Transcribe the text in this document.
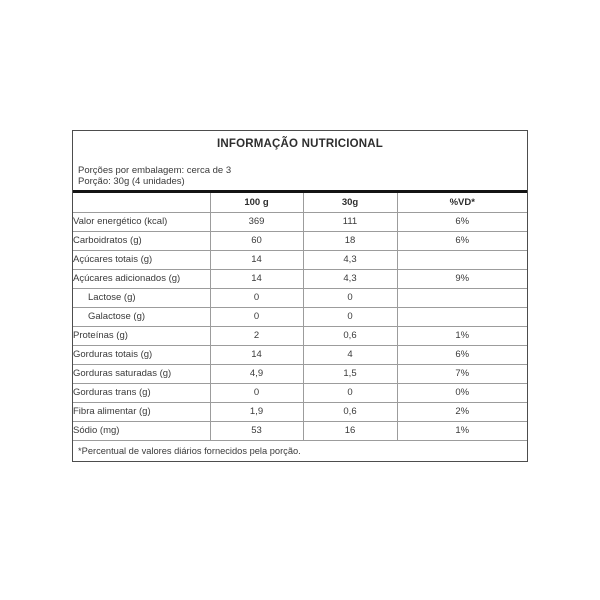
INFORMAÇÃO NUTRICIONAL
Porções por embalagem: cerca de 3
Porção: 30g (4 unidades)
	100 g	30g	%VD*
Valor energético (kcal)	369	111	6%
Carboidratos (g)	60	18	6%
Açúcares totais (g)	14	4,3	
Açúcares adicionados (g)	14	4,3	9%
Lactose (g)	0	0	
Galactose (g)	0	0	
Proteínas (g)	2	0,6	1%
Gorduras totais (g)	14	4	6%
Gorduras saturadas (g)	4,9	1,5	7%
Gorduras trans (g)	0	0	0%
Fibra alimentar (g)	1,9	0,6	2%
Sódio (mg)	53	16	1%
*Percentual de valores diários fornecidos pela porção.
